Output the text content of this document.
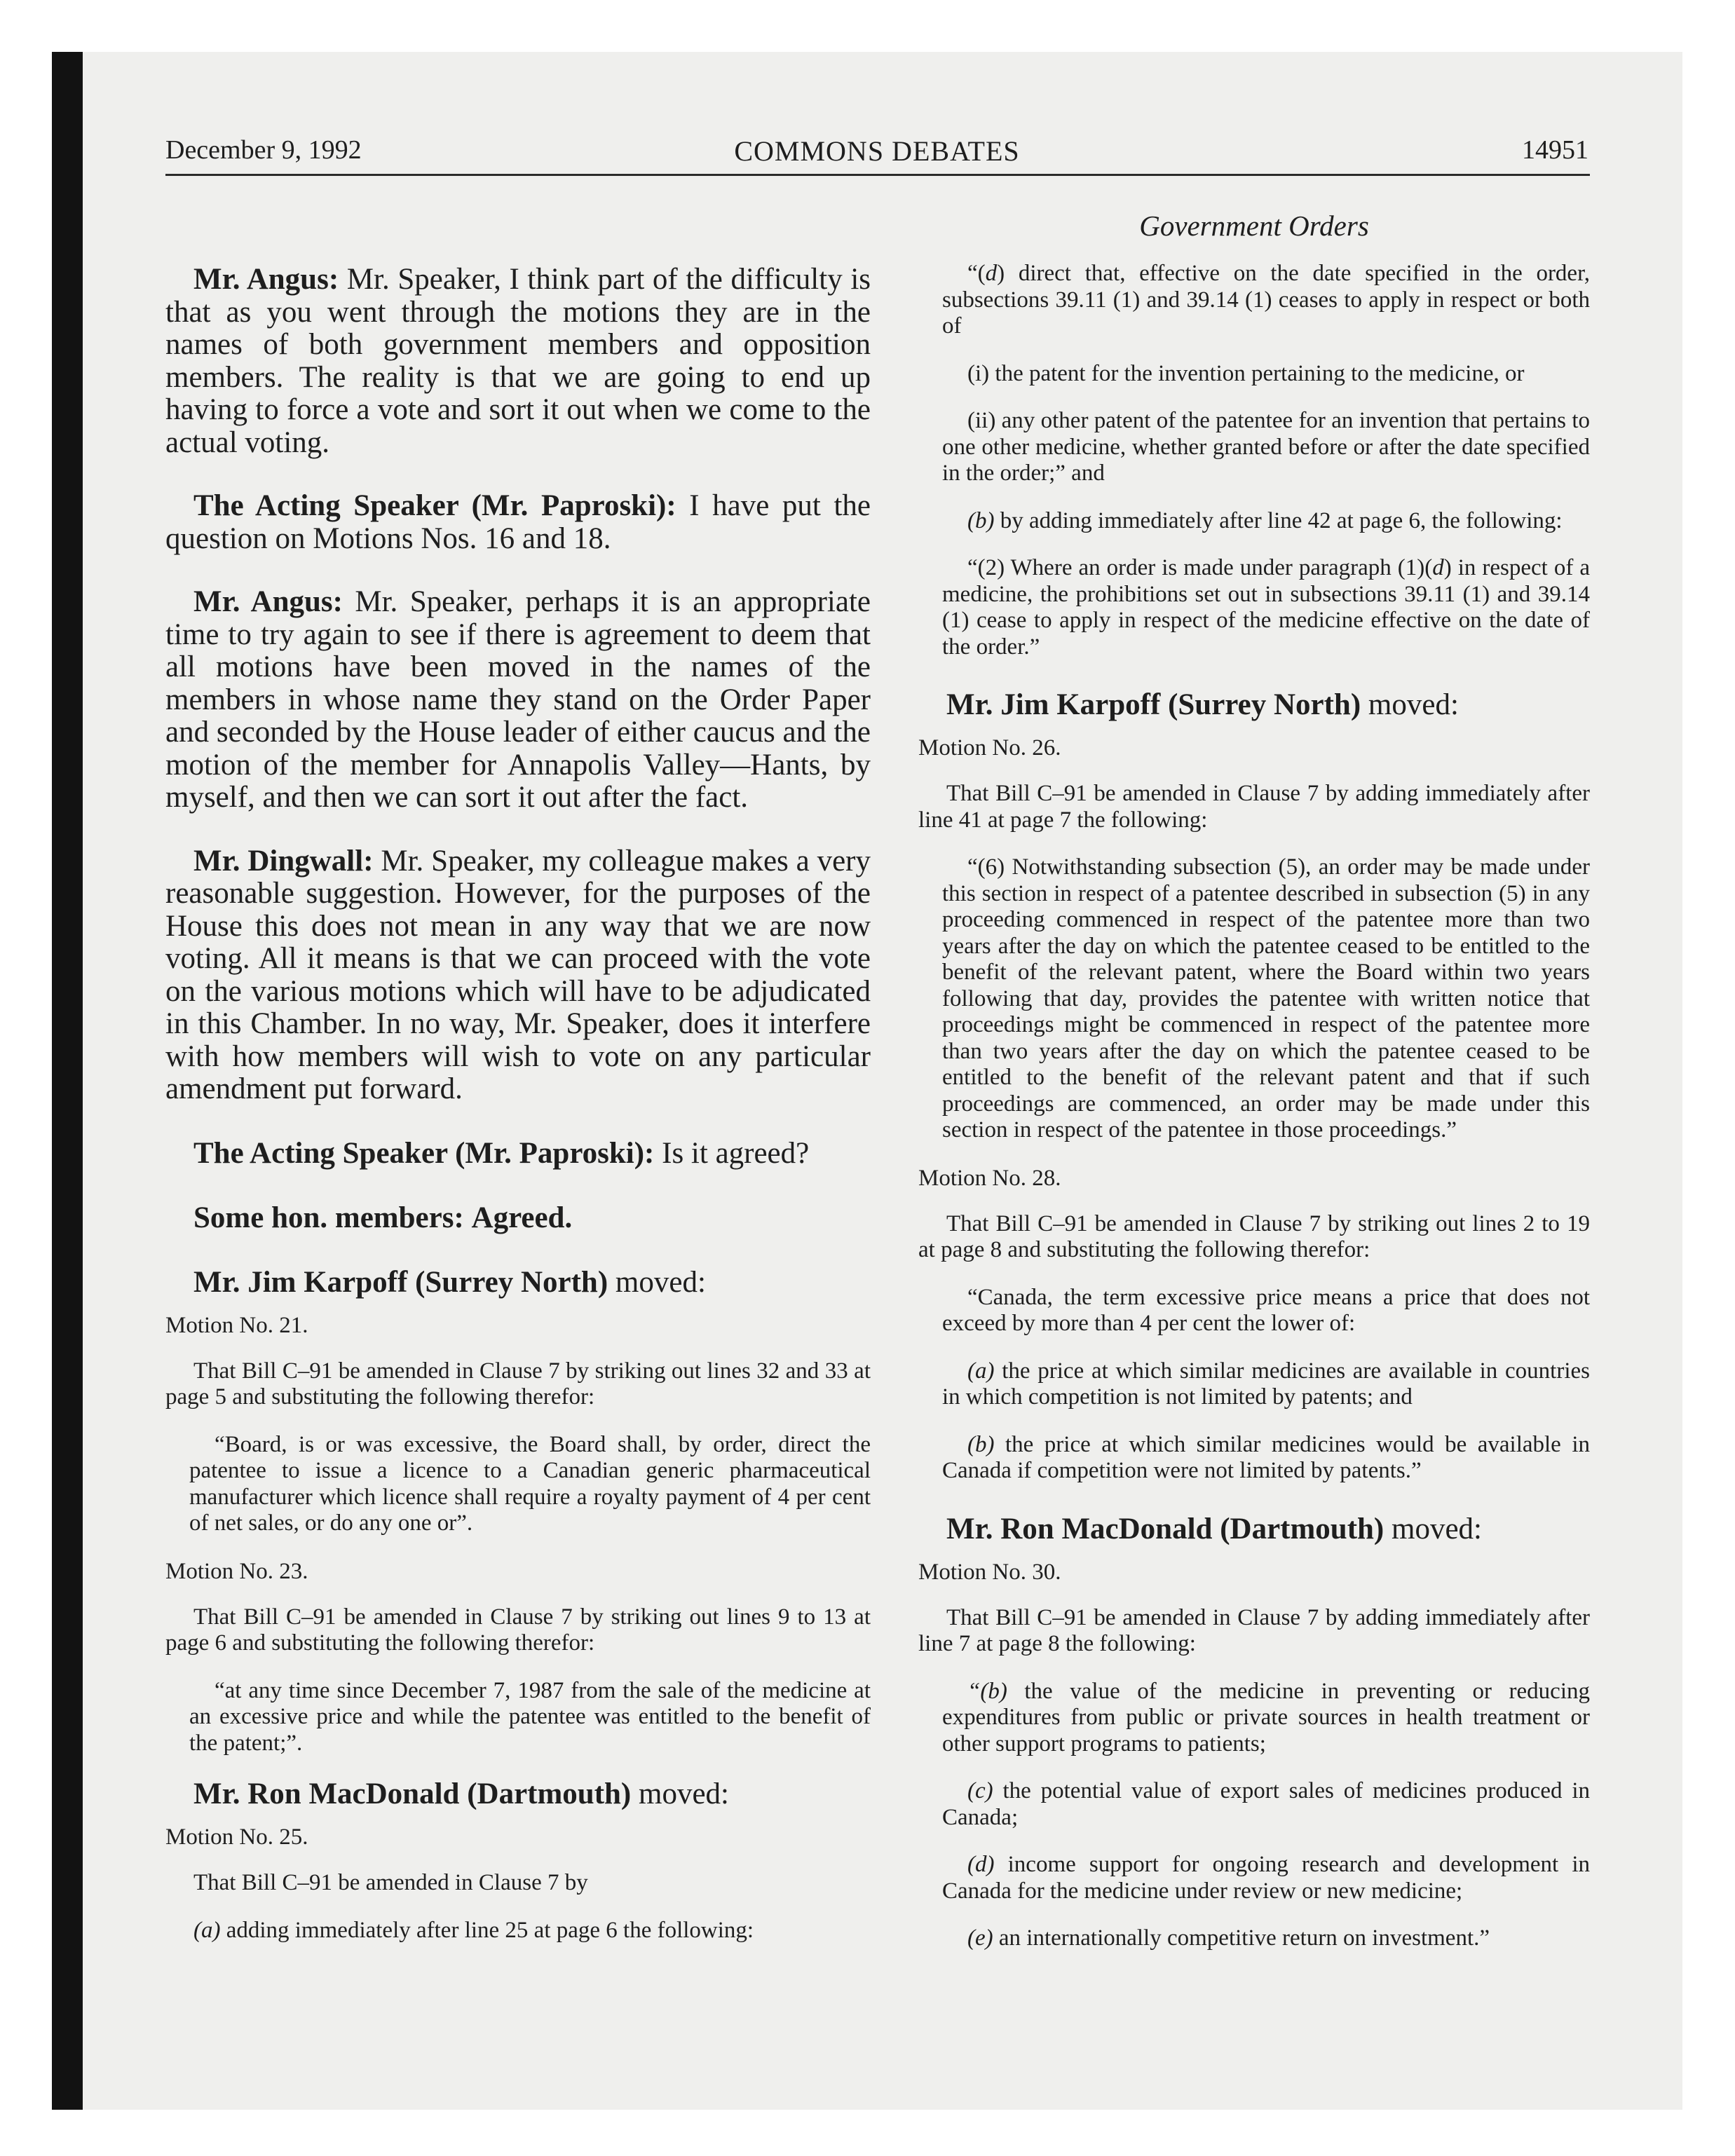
December 9, 1992	COMMONS DEBATES	14951

Mr. Angus: Mr. Speaker, I think part of the difficulty is that as you went through the motions they are in the names of both government members and opposition members. The reality is that we are going to end up having to force a vote and sort it out when we come to the actual voting.

The Acting Speaker (Mr. Paproski): I have put the question on Motions Nos. 16 and 18.

Mr. Angus: Mr. Speaker, perhaps it is an appropriate time to try again to see if there is agreement to deem that all motions have been moved in the names of the members in whose name they stand on the Order Paper and seconded by the House leader of either caucus and the motion of the member for Annapolis Valley—Hants, by myself, and then we can sort it out after the fact.

Mr. Dingwall: Mr. Speaker, my colleague makes a very reasonable suggestion. However, for the purposes of the House this does not mean in any way that we are now voting. All it means is that we can proceed with the vote on the various motions which will have to be adjudicated in this Chamber. In no way, Mr. Speaker, does it interfere with how members will wish to vote on any particular amendment put forward.

The Acting Speaker (Mr. Paproski): Is it agreed?

Some hon. members: Agreed.

Mr. Jim Karpoff (Surrey North) moved:

Motion No. 21.

That Bill C–91 be amended in Clause 7 by striking out lines 32 and 33 at page 5 and substituting the following therefor:

“Board, is or was excessive, the Board shall, by order, direct the patentee to issue a licence to a Canadian generic pharmaceutical manufacturer which licence shall require a royalty payment of 4 per cent of net sales, or do any one or”.

Motion No. 23.

That Bill C–91 be amended in Clause 7 by striking out lines 9 to 13 at page 6 and substituting the following therefor:

“at any time since December 7, 1987 from the sale of the medicine at an excessive price and while the patentee was entitled to the benefit of the patent;”.

Mr. Ron MacDonald (Dartmouth) moved:

Motion No. 25.

That Bill C–91 be amended in Clause 7 by

(a) adding immediately after line 25 at page 6 the following:

Government Orders

“(d) direct that, effective on the date specified in the order, subsections 39.11 (1) and 39.14 (1) ceases to apply in respect or both of

(i) the patent for the invention pertaining to the medicine, or

(ii) any other patent of the patentee for an invention that pertains to one other medicine, whether granted before or after the date specified in the order;” and

(b) by adding immediately after line 42 at page 6, the following:

“(2) Where an order is made under paragraph (1)(d) in respect of a medicine, the prohibitions set out in subsections 39.11 (1) and 39.14 (1) cease to apply in respect of the medicine effective on the date of the order.”

Mr. Jim Karpoff (Surrey North) moved:

Motion No. 26.

That Bill C–91 be amended in Clause 7 by adding immediately after line 41 at page 7 the following:

“(6) Notwithstanding subsection (5), an order may be made under this section in respect of a patentee described in subsection (5) in any proceeding commenced in respect of the patentee more than two years after the day on which the patentee ceased to be entitled to the benefit of the relevant patent, where the Board within two years following that day, provides the patentee with written notice that proceedings might be commenced in respect of the patentee more than two years after the day on which the patentee ceased to be entitled to the benefit of the relevant patent and that if such proceedings are commenced, an order may be made under this section in respect of the patentee in those proceedings.”

Motion No. 28.

That Bill C–91 be amended in Clause 7 by striking out lines 2 to 19 at page 8 and substituting the following therefor:

“Canada, the term excessive price means a price that does not exceed by more than 4 per cent the lower of:

(a) the price at which similar medicines are available in countries in which competition is not limited by patents; and

(b) the price at which similar medicines would be available in Canada if competition were not limited by patents.”

Mr. Ron MacDonald (Dartmouth) moved:

Motion No. 30.

That Bill C–91 be amended in Clause 7 by adding immediately after line 7 at page 8 the following:

“(b) the value of the medicine in preventing or reducing expenditures from public or private sources in health treatment or other support programs to patients;

(c) the potential value of export sales of medicines produced in Canada;

(d) income support for ongoing research and development in Canada for the medicine under review or new medicine;

(e) an internationally competitive return on investment.”
